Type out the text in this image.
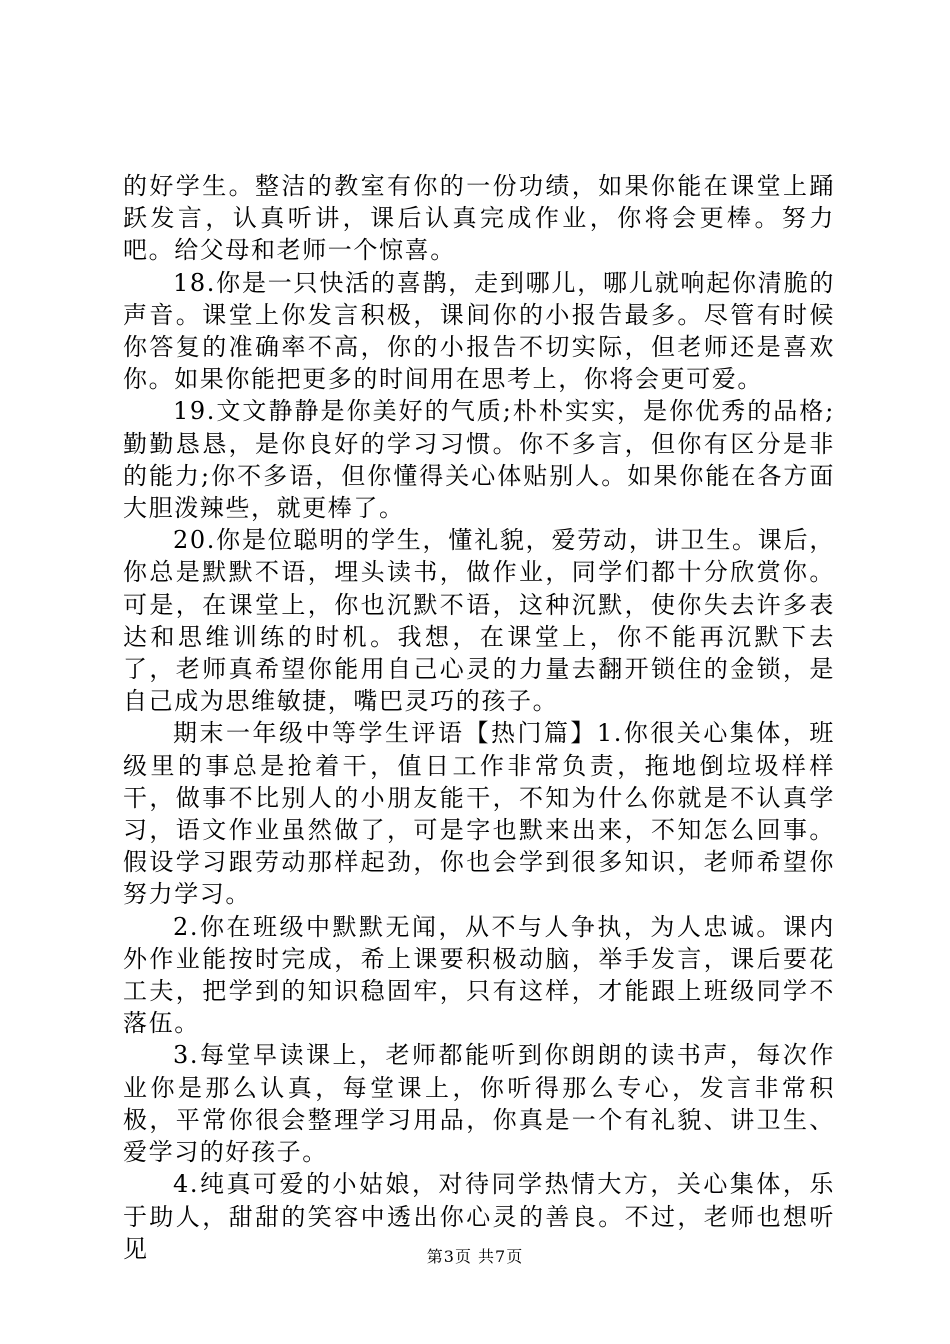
的好学生。整洁的教室有你的一份功绩，如果你能在课堂上踊跃发言，认真听讲，课后认真完成作业，你将会更棒。努力吧。给父母和老师一个惊喜。

18.你是一只快活的喜鹊，走到哪儿，哪儿就响起你清脆的声音。课堂上你发言积极，课间你的小报告最多。尽管有时候你答复的准确率不高，你的小报告不切实际，但老师还是喜欢你。如果你能把更多的时间用在思考上，你将会更可爱。

19.文文静静是你美好的气质;朴朴实实，是你优秀的品格;勤勤恳恳，是你良好的学习习惯。你不多言，但你有区分是非的能力;你不多语，但你懂得关心体贴别人。如果你能在各方面大胆泼辣些，就更棒了。

20.你是位聪明的学生，懂礼貌，爱劳动，讲卫生。课后，你总是默默不语，埋头读书，做作业，同学们都十分欣赏你。可是，在课堂上，你也沉默不语，这种沉默，使你失去许多表达和思维训练的时机。我想，在课堂上，你不能再沉默下去了，老师真希望你能用自己心灵的力量去翻开锁住的金锁，是自己成为思维敏捷，嘴巴灵巧的孩子。

期末一年级中等学生评语【热门篇】1.你很关心集体，班级里的事总是抢着干，值日工作非常负责，拖地倒垃圾样样干，做事不比别人的小朋友能干，不知为什么你就是不认真学习，语文作业虽然做了，可是字也默来出来，不知怎么回事。假设学习跟劳动那样起劲，你也会学到很多知识，老师希望你努力学习。

2.你在班级中默默无闻，从不与人争执，为人忠诚。课内外作业能按时完成，希上课要积极动脑，举手发言，课后要花工夫，把学到的知识稳固牢，只有这样，才能跟上班级同学不落伍。

3.每堂早读课上，老师都能听到你朗朗的读书声，每次作业你是那么认真，每堂课上，你听得那么专心，发言非常积极，平常你很会整理学习用品，你真是一个有礼貌、讲卫生、爱学习的好孩子。

4.纯真可爱的小姑娘，对待同学热情大方，关心集体，乐于助人，甜甜的笑容中透出你心灵的善良。不过，老师也想听见	第3页 共7页
